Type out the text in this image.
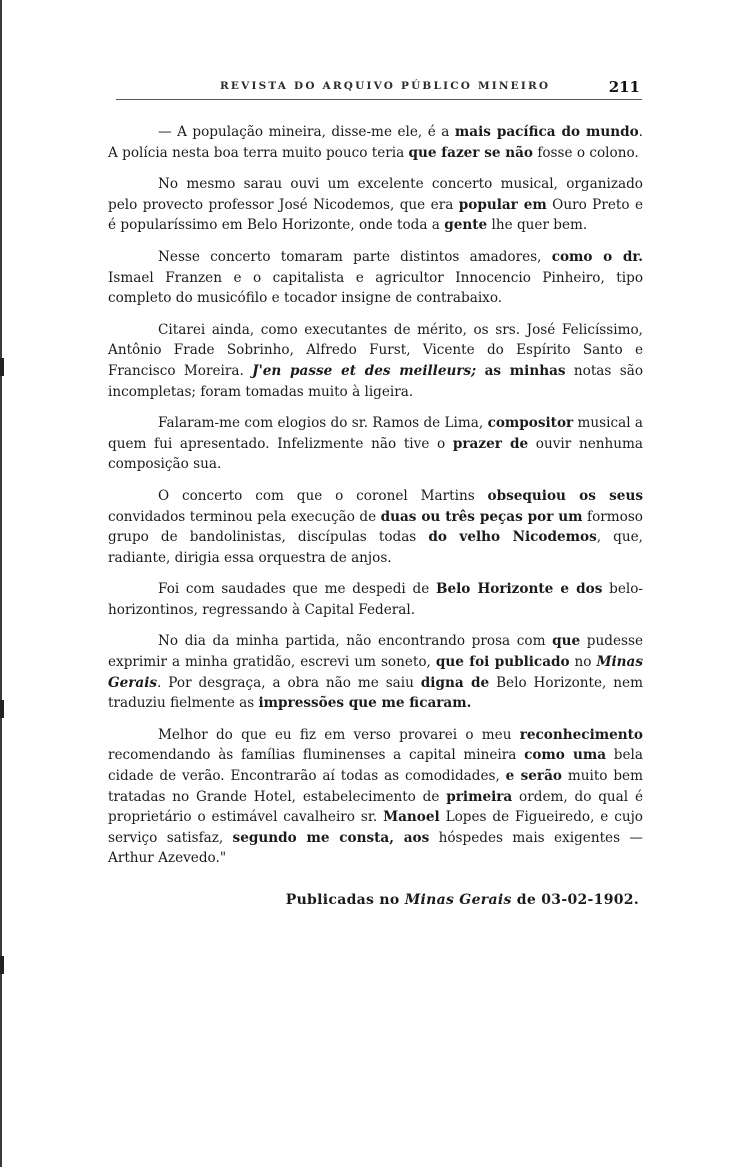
REVISTA DO ARQUIVO PÚBLICO MINEIRO	211

— A população mineira, disse-me ele, é a mais pacífica do mundo. A polícia nesta boa terra muito pouco teria que fazer se não fosse o colono.

No mesmo sarau ouvi um excelente concerto musical, organizado pelo provecto professor José Nicodemos, que era popular em Ouro Preto e é popularíssimo em Belo Horizonte, onde toda a gente lhe quer bem.

Nesse concerto tomaram parte distintos amadores, como o dr. Ismael Franzen e o capitalista e agricultor Innocencio Pinheiro, tipo completo do musicófilo e tocador insigne de contrabaixo.

Citarei ainda, como executantes de mérito, os srs. José Felicíssimo, Antônio Frade Sobrinho, Alfredo Furst, Vicente do Espírito Santo e Francisco Moreira. J'en passe et des meilleurs; as minhas notas são incompletas; foram tomadas muito à ligeira.

Falaram-me com elogios do sr. Ramos de Lima, compositor musical a quem fui apresentado. Infelizmente não tive o prazer de ouvir nenhuma composição sua.

O concerto com que o coronel Martins obsequiou os seus convidados terminou pela execução de duas ou três peças por um formoso grupo de bandolinistas, discípulas todas do velho Nicodemos, que, radiante, dirigia essa orquestra de anjos.

Foi com saudades que me despedi de Belo Horizonte e dos belo-horizontinos, regressando à Capital Federal.

No dia da minha partida, não encontrando prosa com que pudesse exprimir a minha gratidão, escrevi um soneto, que foi publicado no Minas Gerais. Por desgraça, a obra não me saiu digna de Belo Horizonte, nem traduziu fielmente as impressões que me ficaram.

Melhor do que eu fiz em verso provarei o meu reconhecimento recomendando às famílias fluminenses a capital mineira como uma bela cidade de verão. Encontrarão aí todas as comodidades, e serão muito bem tratadas no Grande Hotel, estabelecimento de primeira ordem, do qual é proprietário o estimável cavalheiro sr. Manoel Lopes de Figueiredo, e cujo serviço satisfaz, segundo me consta, aos hóspedes mais exigentes — Arthur Azevedo."

Publicadas no Minas Gerais de 03-02-1902.
